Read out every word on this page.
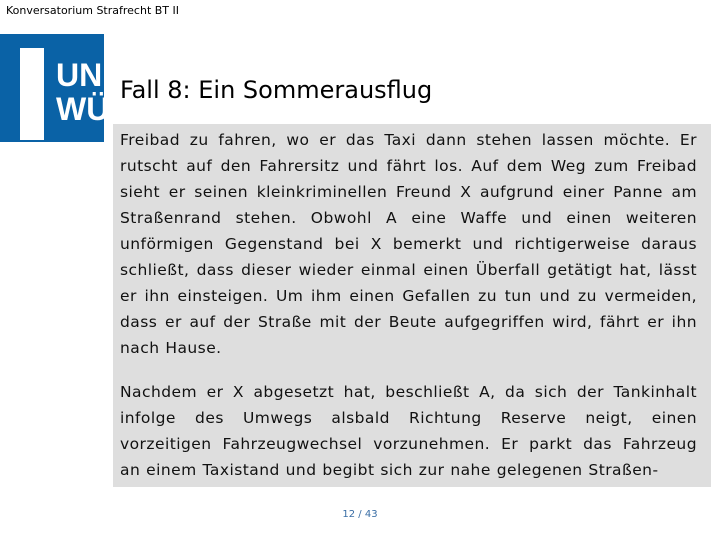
Konversatorium Strafrecht BT II
UNI
WÜ
Fall 8: Ein Sommerausflug
Freibad zu fahren, wo er das Taxi dann stehen lassen möchte. Er
rutscht auf den Fahrersitz und fährt los. Auf dem Weg zum Freibad
sieht er seinen kleinkriminellen Freund X aufgrund einer Panne am
Straßenrand stehen. Obwohl A eine Waffe und einen weiteren
unförmigen Gegenstand bei X bemerkt und richtigerweise daraus
schließt, dass dieser wieder einmal einen Überfall getätigt hat, lässt
er ihn einsteigen. Um ihm einen Gefallen zu tun und zu vermeiden,
dass er auf der Straße mit der Beute aufgegriffen wird, fährt er ihn
nach Hause.
Nachdem er X abgesetzt hat, beschließt A, da sich der Tankinhalt
infolge des Umwegs alsbald Richtung Reserve neigt, einen
vorzeitigen Fahrzeugwechsel vorzunehmen. Er parkt das Fahrzeug
an einem Taxistand und begibt sich zur nahe gelegenen Straßen-
12 / 43
